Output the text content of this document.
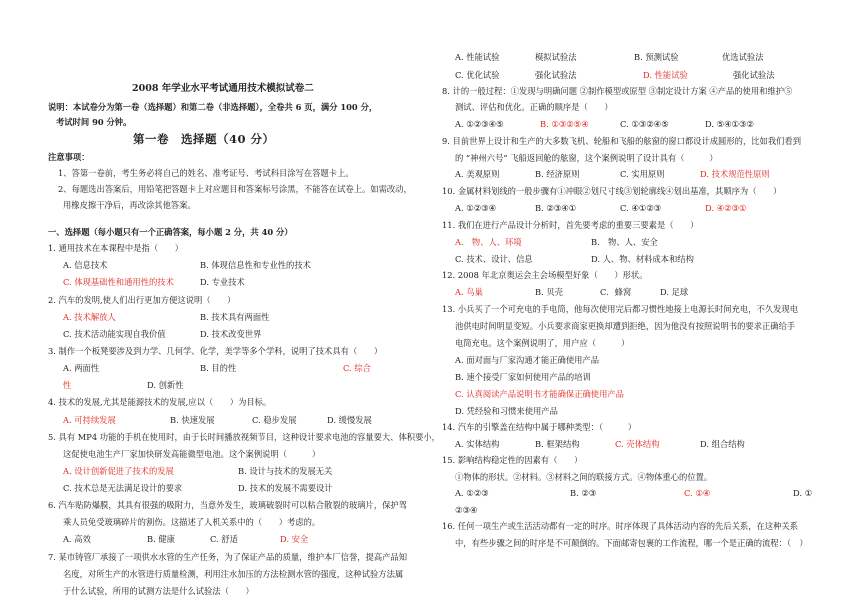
2008 年学业水平考试通用技术模拟试卷二
说明：本试卷分为第一卷（选择题）和第二卷（非选择题），全卷共 6 页，满分 100 分，
考试时间 90 分钟。
第一卷　选择题（40 分）
注意事项：
1、答第一卷前，考生务必将自己的姓名、准考证号、考试科目涂写在答题卡上。
2、每题选出答案后，用铅笔把答题卡上对应题目和答案标号涂黑，不能答在试卷上。如需改动，
用橡皮擦干净后，再改涂其他答案。
一、选择题（每小题只有一个正确答案，每小题 2 分，共 40 分）
1. 通用技术在本课程中是指（　　）
A. 信息技术	B. 体现信息性和专业性的技术
C. 体现基础性和通用性的技术	D. 专业技术
2. 汽车的发明,使人们出行更加方便这说明（　　）
A. 技术解放人	B. 技术具有两面性
C. 技术活动能实现自我价值	D. 技术改变世界
3. 制作一个板凳要涉及到力学、几何学、化学，美学等多个学科，说明了技术具有（　　）
A. 两面性	B. 目的性	C. 综合
性	D. 创新性
4. 技术的发展,尤其是能源技术的发展,应以（　　）为目标。
A. 可持续发展	B. 快速发展	C. 稳步发展	D. 缓慢发展
5. 具有 MP4 功能的手机在使用时，由于长时间播放视频节目，这种设计要求电池的容量要大、体积要小，
这促使电池生产厂家加快研发高能微型电池。这个案例说明（　　　）
A. 设计创新促进了技术的发展	B. 设计与技术的发展无关
C. 技术总是无法满足设计的要求	D. 技术的发展不需要设计
6. 汽车贴防爆膜，其具有很强的吸附力，当意外发生，玻璃破裂时可以粘合散裂的玻璃片，保护驾
乘人员免受玻璃碎片的割伤。这描述了人机关系中的（　　）考虑的。
A. 高效	B. 健康	C. 舒适	D. 安全
7. 某市铸管厂承接了一项供水水管的生产任务，为了保证产品的质量，维护本厂信誉，提高产品知
名度，对所生产的水管进行质量检测，利用注水加压的方法检测水管的强度，这种试验方法属
于什么试验，所用的试测方法是什么试验法（　　）
A. 性能试验	模拟试验法	B. 预测试验	优选试验法
C. 优化试验	强化试验法	D. 性能试验	强化试验法
8. 计的一般过程：①发现与明确问题 ②制作模型或原型 ③制定设计方案 ④产品的使用和维护⑤
测试、评估和优化。正确的顺序是（　　）
A. ①②③④⑤	B. ①③②⑤④	C. ①③②④⑤	D. ⑤④①③②
9. 目前世界上设计和生产的大多数飞机、轮船和飞船的舷窗的窗口都设计成圆形的，比如我们看到
的 “神州六号” 飞船返回舱的舷窗，这个案例说明了设计具有（　　　）
A. 美观原则	B. 经济原则	C. 实用原则	D. 技术规范性原则
10. 金属材料划线的一般步骤有①冲眼②划尺寸线③划轮廓线④划出基准，其顺序为（　　）
A. ①②③④	B. ②③④①	C. ④①②③	D. ④②③①
11. 我们在进行产品设计分析时，首先要考虑的重要三要素是（　　）
A.　物、人、环境	B.　物、人、安全
C. 技术、设计、信息	D. 人、物、材料成本和结构
12. 2008 年北京奥运会主会场模型好象（　　）形状。
A. 鸟巢	B. 贝壳	C．蜂窝	D. 足球
13. 小兵买了一个可充电的手电筒，他每次使用完后都习惯性地接上电源长时间充电，不久发现电
池供电时间明显变短。小兵要求商家更换却遭到拒绝，因为他没有按照说明书的要求正确给手
电筒充电。这个案例说明了，用户应（　　　）
A. 面对面与厂家沟通才能正确使用产品
B. 速个接受厂家如何使用产品的培训
C. 认真阅读产品说明书才能确保正确使用产品
D. 凭经验和习惯来使用产品
14. 汽车的引擎盖在结构中属于哪种类型：（　　　）
A. 实体结构	B. 框架结构	C. 壳体结构	D. 组合结构
15. 影响结构稳定性的因素有（　　）
①物体的形状。②材料。③材料之间的联接方式。④物体重心的位置。
A. ①②③	B. ②③	C. ①④	D. ①
②③④
16. 任何一项生产或生活活动都有一定的时序。时序体现了具体活动内容的先后关系，在这种关系
中，有些步骤之间的时序是不可颠倒的。下面邮寄包裹的工作流程，哪一个是正确的流程：（　）
